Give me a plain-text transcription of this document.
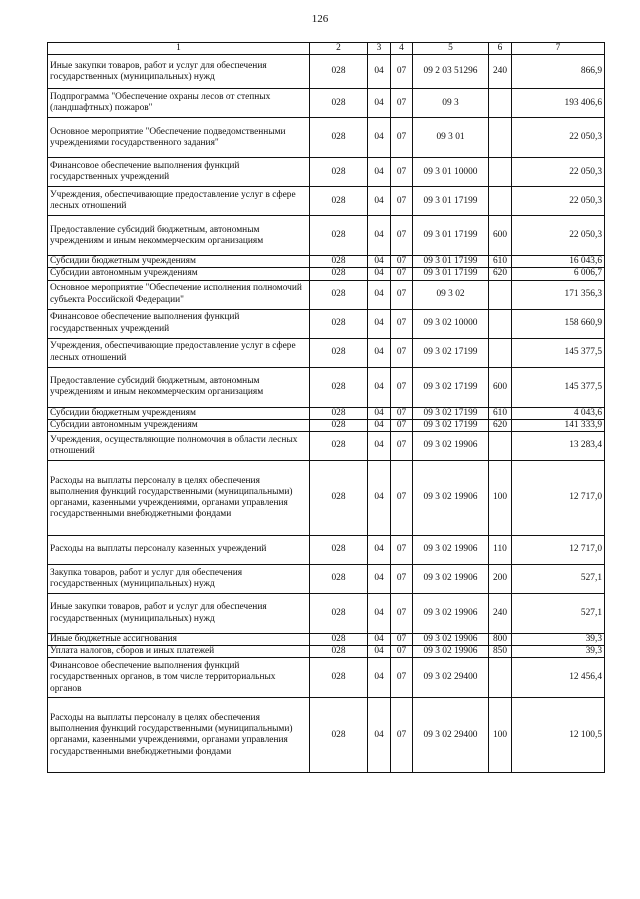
126
1	2	3	4	5	6	7
Иные закупки товаров, работ и услуг для обеспечения государственных (муниципальных) нужд	028	04	07	09 2 03 51296	240	866,9
Подпрограмма "Обеспечение охраны лесов от степных (ландшафтных) пожаров"	028	04	07	09 3		193 406,6
Основное мероприятие "Обеспечение подведомственными учреждениями государственного задания"	028	04	07	09 3 01		22 050,3
Финансовое обеспечение выполнения функций государственных учреждений	028	04	07	09 3 01 10000		22 050,3
Учреждения, обеспечивающие предоставление услуг в сфере лесных отношений	028	04	07	09 3 01 17199		22 050,3
Предоставление субсидий бюджетным, автономным учреждениям и иным некоммерческим организациям	028	04	07	09 3 01 17199	600	22 050,3
Субсидии бюджетным учреждениям	028	04	07	09 3 01 17199	610	16 043,6
Субсидии автономным учреждениям	028	04	07	09 3 01 17199	620	6 006,7
Основное мероприятие "Обеспечение исполнения полномочий субъекта Российской Федерации"	028	04	07	09 3 02		171 356,3
Финансовое обеспечение выполнения функций государственных учреждений	028	04	07	09 3 02 10000		158 660,9
Учреждения, обеспечивающие предоставление услуг в сфере лесных отношений	028	04	07	09 3 02 17199		145 377,5
Предоставление субсидий бюджетным, автономным учреждениям и иным некоммерческим организациям	028	04	07	09 3 02 17199	600	145 377,5
Субсидии бюджетным учреждениям	028	04	07	09 3 02 17199	610	4 043,6
Субсидии автономным учреждениям	028	04	07	09 3 02 17199	620	141 333,9
Учреждения, осуществляющие полномочия в области лесных отношений	028	04	07	09 3 02 19906		13 283,4
Расходы на выплаты персоналу в целях обеспечения выполнения функций государственными (муниципальными) органами, казенными учреждениями, органами управления государственными внебюджетными фондами	028	04	07	09 3 02 19906	100	12 717,0
Расходы на выплаты персоналу казенных учреждений	028	04	07	09 3 02 19906	110	12 717,0
Закупка товаров, работ и услуг для обеспечения государственных (муниципальных) нужд	028	04	07	09 3 02 19906	200	527,1
Иные закупки товаров, работ и услуг для обеспечения государственных (муниципальных) нужд	028	04	07	09 3 02 19906	240	527,1
Иные бюджетные ассигнования	028	04	07	09 3 02 19906	800	39,3
Уплата налогов, сборов и иных платежей	028	04	07	09 3 02 19906	850	39,3
Финансовое обеспечение выполнения функций государственных органов, в том числе территориальных органов	028	04	07	09 3 02 29400		12 456,4
Расходы на выплаты персоналу в целях обеспечения выполнения функций государственными (муниципальными) органами, казенными учреждениями, органами управления государственными внебюджетными фондами	028	04	07	09 3 02 29400	100	12 100,5
